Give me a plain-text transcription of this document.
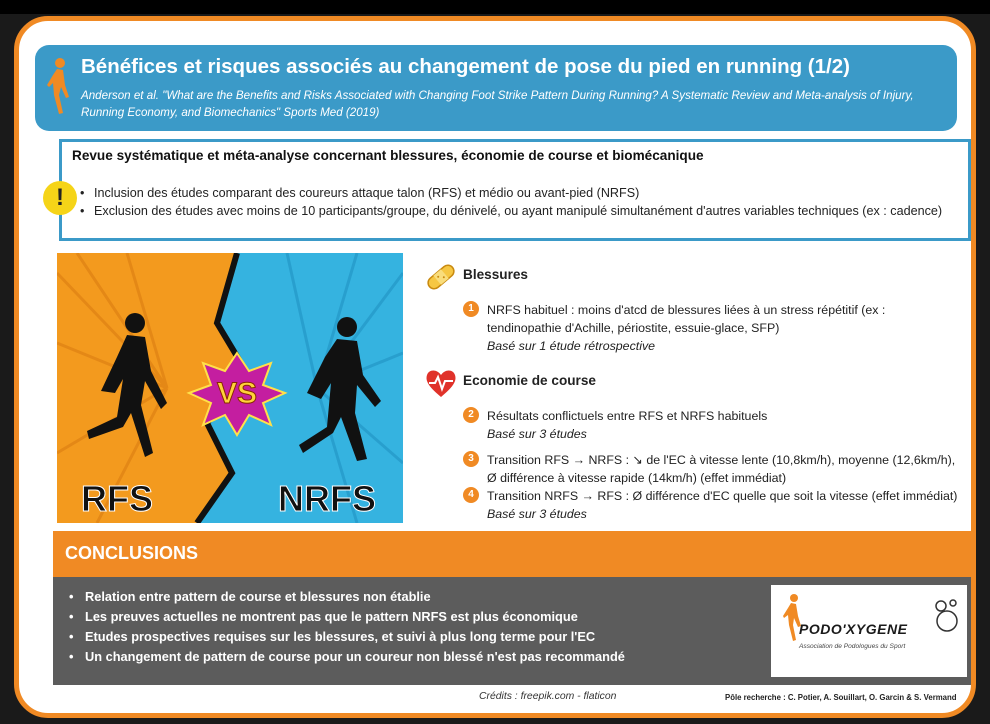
Bénéfices et risques associés au changement de pose du pied en running (1/2)
Anderson et al. "What are the Benefits and Risks Associated with Changing Foot Strike Pattern During Running? A Systematic Review and Meta-analysis of Injury, Running Economy, and Biomechanics" Sports Med (2019)
Revue systématique et méta-analyse concernant blessures, économie de course et biomécanique
• Inclusion des études comparant des coureurs attaque talon (RFS) et médio ou avant-pied (NRFS)
• Exclusion des études avec moins de 10 participants/groupe, du dénivelé, ou ayant manipulé simultanément d'autres variables techniques (ex : cadence)
!
VS
RFS	NRFS
Blessures
1	NRFS habituel : moins d'atcd de blessures liées à un stress répétitif (ex : tendinopathie d'Achille, périostite, essuie-glace, SFP)
Basé sur 1 étude rétrospective
Economie de course
2	Résultats conflictuels entre RFS et NRFS habituels
Basé sur 3 études
3	Transition RFS → NRFS : ↘ de l'EC à vitesse lente (10,8km/h), moyenne (12,6km/h), Ø différence à vitesse rapide (14km/h) (effet immédiat)
4	Transition NRFS → RFS : Ø différence d'EC quelle que soit la vitesse (effet immédiat)
Basé sur 3 études
CONCLUSIONS
• Relation entre pattern de course et blessures non établie
• Les preuves actuelles ne montrent pas que le pattern NRFS est plus économique
• Etudes prospectives requises sur les blessures, et suivi à plus long terme pour l'EC
• Un changement de pattern de course pour un coureur non blessé n'est pas recommandé
PODO'XYGENE
Association de Podologues du Sport
Crédits : freepik.com - flaticon	Pôle recherche : C. Potier, A. Souillart, O. Garcin & S. Vermand
